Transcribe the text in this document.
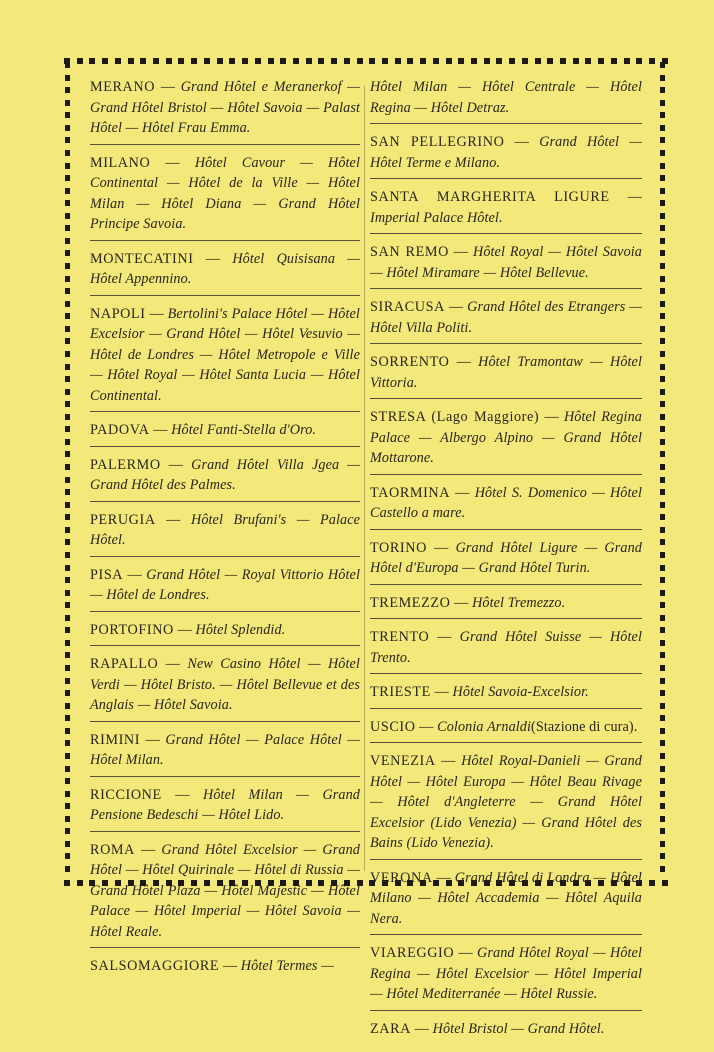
MERANO — Grand Hôtel e Meranerkof — Grand Hôtel Bristol — Hôtel Savoia — Palast Hôtel — Hôtel Frau Emma.

MILANO — Hôtel Cavour — Hôtel Continental — Hôtel de la Ville — Hôtel Milan — Hôtel Diana — Grand Hôtel Principe Savoia.

MONTECATINI — Hôtel Quisisana — Hôtel Appennino.

NAPOLI — Bertolini's Palace Hôtel — Hôtel Excelsior — Grand Hôtel — Hôtel Vesuvio — Hôtel de Londres — Hôtel Metropole e Ville — Hôtel Royal — Hôtel Santa Lucia — Hôtel Continental.

PADOVA — Hôtel Fanti-Stella d'Oro.

PALERMO — Grand Hôtel Villa Jgea — Grand Hôtel des Palmes.

PERUGIA — Hôtel Brufani's — Palace Hôtel.

PISA — Grand Hôtel — Royal Vittorio Hôtel — Hôtel de Londres.

PORTOFINO — Hôtel Splendid.

RAPALLO — New Casino Hôtel — Hôtel Verdi — Hôtel Bristo. — Hôtel Bellevue et des Anglais — Hôtel Savoia.

RIMINI — Grand Hôtel — Palace Hôtel — Hôtel Milan.

RICCIONE — Hôtel Milan — Grand Pensione Bedeschi — Hôtel Lido.

ROMA — Grand Hôtel Excelsior — Grand Hôtel — Hôtel Quirinale — Hôtel di Russia — Grand Hôtel Plaza — Hôtel Majestic — Hôtel Palace — Hôtel Imperial — Hôtel Savoia — Hôtel Reale.

SALSOMAGGIORE — Hôtel Termes —

Hôtel Milan — Hôtel Centrale — Hôtel Regina — Hôtel Detraz.

SAN PELLEGRINO — Grand Hôtel — Hôtel Terme e Milano.

SANTA MARGHERITA LIGURE — Imperial Palace Hôtel.

SAN REMO — Hôtel Royal — Hôtel Savoia — Hôtel Miramare — Hôtel Bellevue.

SIRACUSA — Grand Hôtel des Etrangers — Hôtel Villa Politi.

SORRENTO — Hôtel Tramontaw — Hôtel Vittoria.

STRESA (Lago Maggiore) — Hôtel Regina Palace — Albergo Alpino — Grand Hôtel Mottarone.

TAORMINA — Hôtel S. Domenico — Hôtel Castello a mare.

TORINO — Grand Hôtel Ligure — Grand Hôtel d'Europa — Grand Hôtel Turin.

TREMEZZO — Hôtel Tremezzo.

TRENTO — Grand Hôtel Suisse — Hôtel Trento.

TRIESTE — Hôtel Savoia-Excelsior.

USCIO — Colonia Arnaldi(Stazione di cura).

VENEZIA — Hôtel Royal-Danieli — Grand Hôtel — Hôtel Europa — Hôtel Beau Rivage — Hôtel d'Angleterre — Grand Hôtel Excelsior (Lido Venezia) — Grand Hôtel des Bains (Lido Venezia).

VERONA — Grand Hôtel di Londra — Hôtel Milano — Hôtel Accademia — Hôtel Aquila Nera.

VIAREGGIO — Grand Hôtel Royal — Hôtel Regina — Hôtel Excelsior — Hôtel Imperial — Hôtel Mediterranée — Hôtel Russie.

ZARA — Hôtel Bristol — Grand Hôtel.
